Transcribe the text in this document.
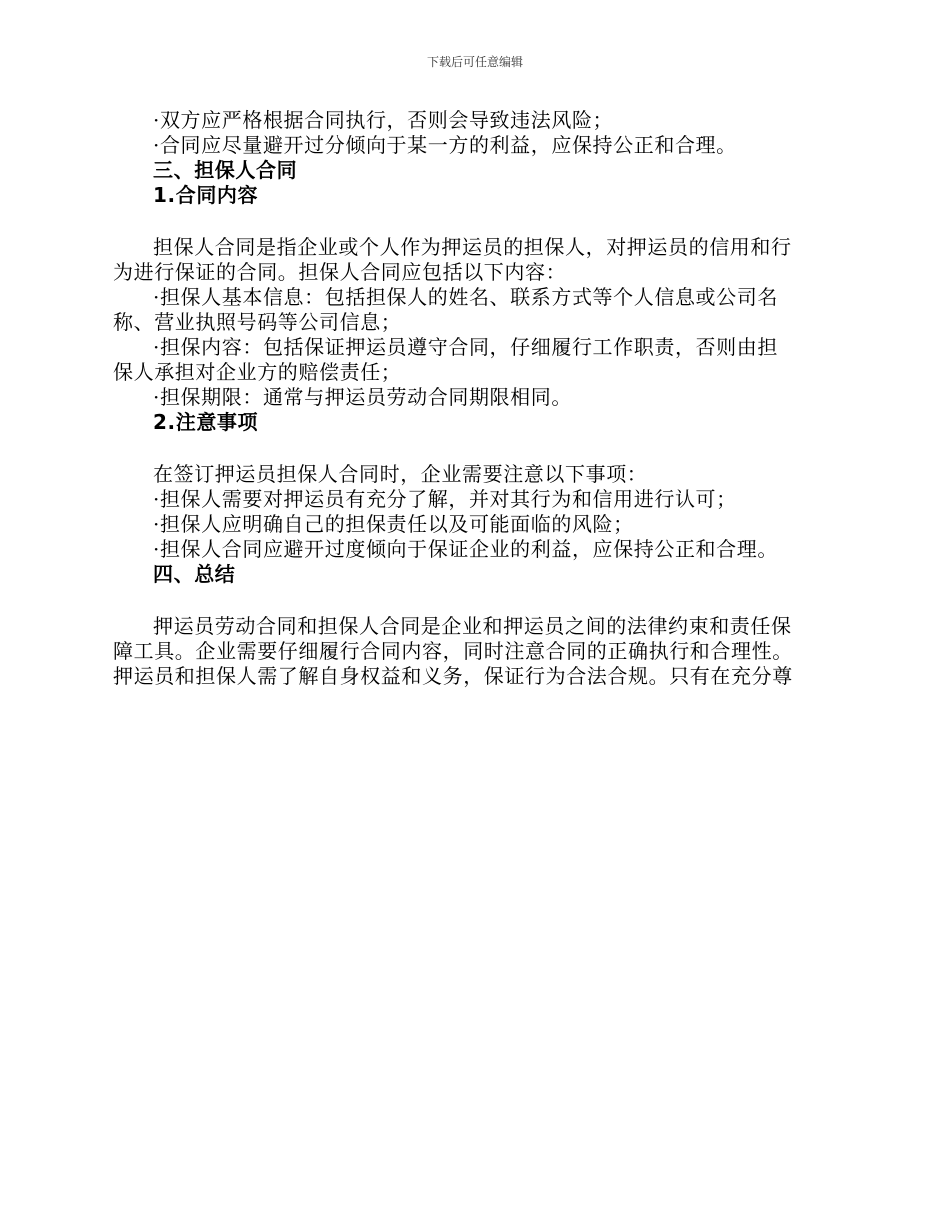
下载后可任意编辑

·双方应严格根据合同执行，否则会导致违法风险；

·合同应尽量避开过分倾向于某一方的利益，应保持公正和合理。

三、担保人合同

1.合同内容

担保人合同是指企业或个人作为押运员的担保人，对押运员的信用和行

为进行保证的合同。担保人合同应包括以下内容：

·担保人基本信息：包括担保人的姓名、联系方式等个人信息或公司名

称、营业执照号码等公司信息；

·担保内容：包括保证押运员遵守合同，仔细履行工作职责，否则由担

保人承担对企业方的赔偿责任；

·担保期限：通常与押运员劳动合同期限相同。

2.注意事项

在签订押运员担保人合同时，企业需要注意以下事项：

·担保人需要对押运员有充分了解，并对其行为和信用进行认可；

·担保人应明确自己的担保责任以及可能面临的风险；

·担保人合同应避开过度倾向于保证企业的利益，应保持公正和合理。

四、总结

押运员劳动合同和担保人合同是企业和押运员之间的法律约束和责任保

障工具。企业需要仔细履行合同内容，同时注意合同的正确执行和合理性。

押运员和担保人需了解自身权益和义务，保证行为合法合规。只有在充分尊
